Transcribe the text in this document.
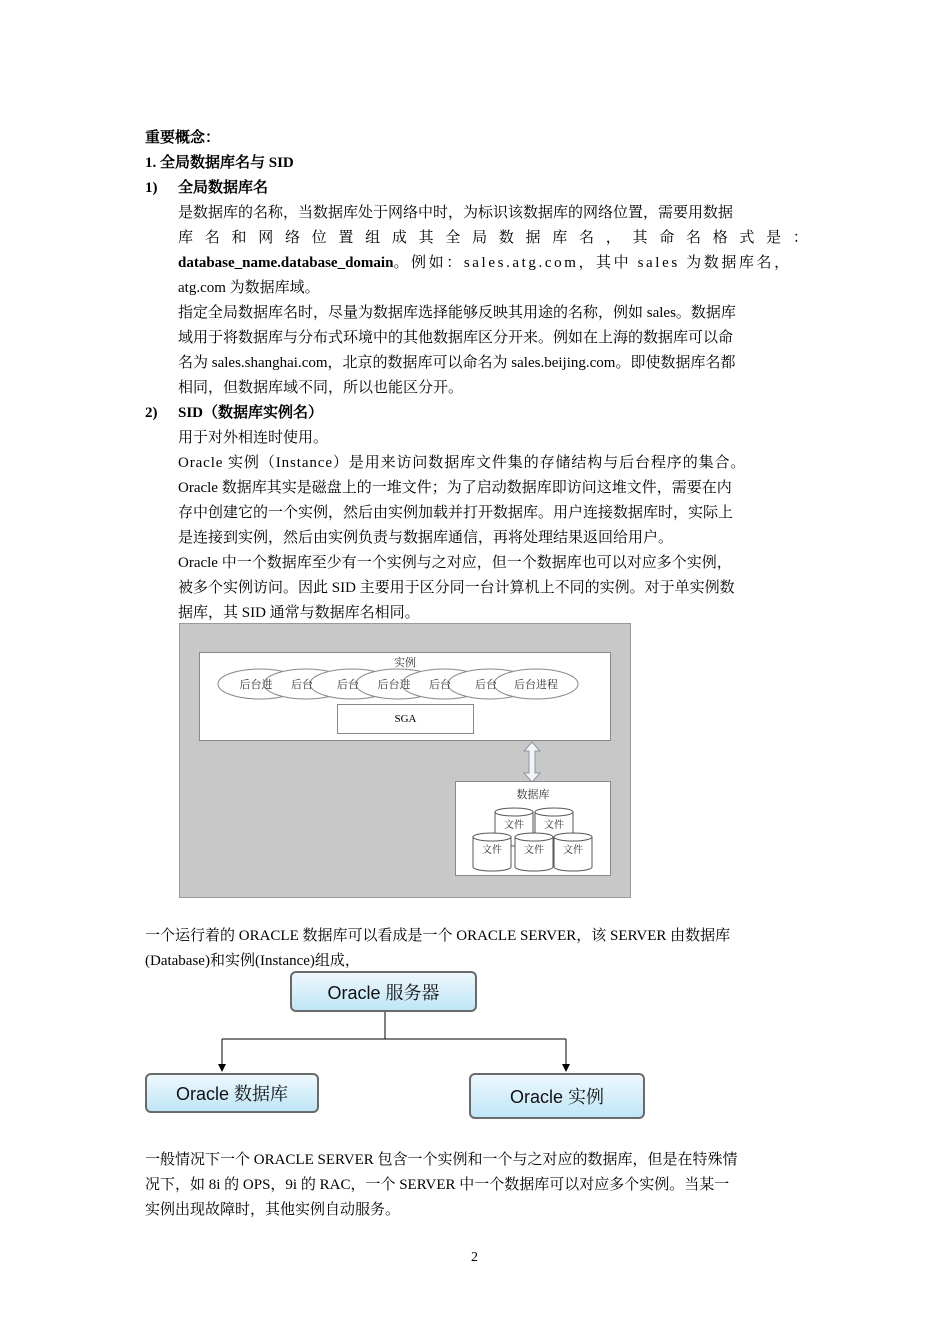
重要概念：
1. 全局数据库名与 SID
1) 全局数据库名
是数据库的名称，当数据库处于网络中时，为标识该数据库的网络位置，需要用数据
库 名 和 网 络 位 置 组 成 其 全 局 数 据 库 名 ， 其 命 名 格 式 是 ：
database_name.database_domain。例如：sales.atg.com，其中 sales 为数据库名，
atg.com 为数据库域。
指定全局数据库名时，尽量为数据库选择能够反映其用途的名称，例如 sales。数据库
域用于将数据库与分布式环境中的其他数据库区分开来。例如在上海的数据库可以命
名为 sales.shanghai.com，北京的数据库可以命名为 sales.beijing.com。即使数据库名都
相同，但数据库域不同，所以也能区分开。
2) SID（数据库实例名）
用于对外相连时使用。
Oracle 实例（Instance）是用来访问数据库文件集的存储结构与后台程序的集合。
Oracle 数据库其实是磁盘上的一堆文件；为了启动数据库即访问这堆文件，需要在内
存中创建它的一个实例，然后由实例加载并打开数据库。用户连接数据库时，实际上
是连接到实例，然后由实例负责与数据库通信，再将处理结果返回给用户。
Oracle 中一个数据库至少有一个实例与之对应，但一个数据库也可以对应多个实例，
被多个实例访问。因此 SID 主要用于区分同一台计算机上不同的实例。对于单实例数
据库，其 SID 通常与数据库名相同。
实例
后台进 后台 后台 后台进 后台 后台 后台进程
SGA
数据库
文件 文件
文件 文件 文件
一个运行着的 ORACLE 数据库可以看成是一个 ORACLE SERVER，该 SERVER 由数据库
(Database)和实例(Instance)组成，
Oracle 服务器
Oracle 数据库	Oracle 实例
一般情况下一个 ORACLE SERVER 包含一个实例和一个与之对应的数据库，但是在特殊情
况下，如 8i 的 OPS，9i 的 RAC，一个 SERVER 中一个数据库可以对应多个实例。当某一
实例出现故障时，其他实例自动服务。
2
